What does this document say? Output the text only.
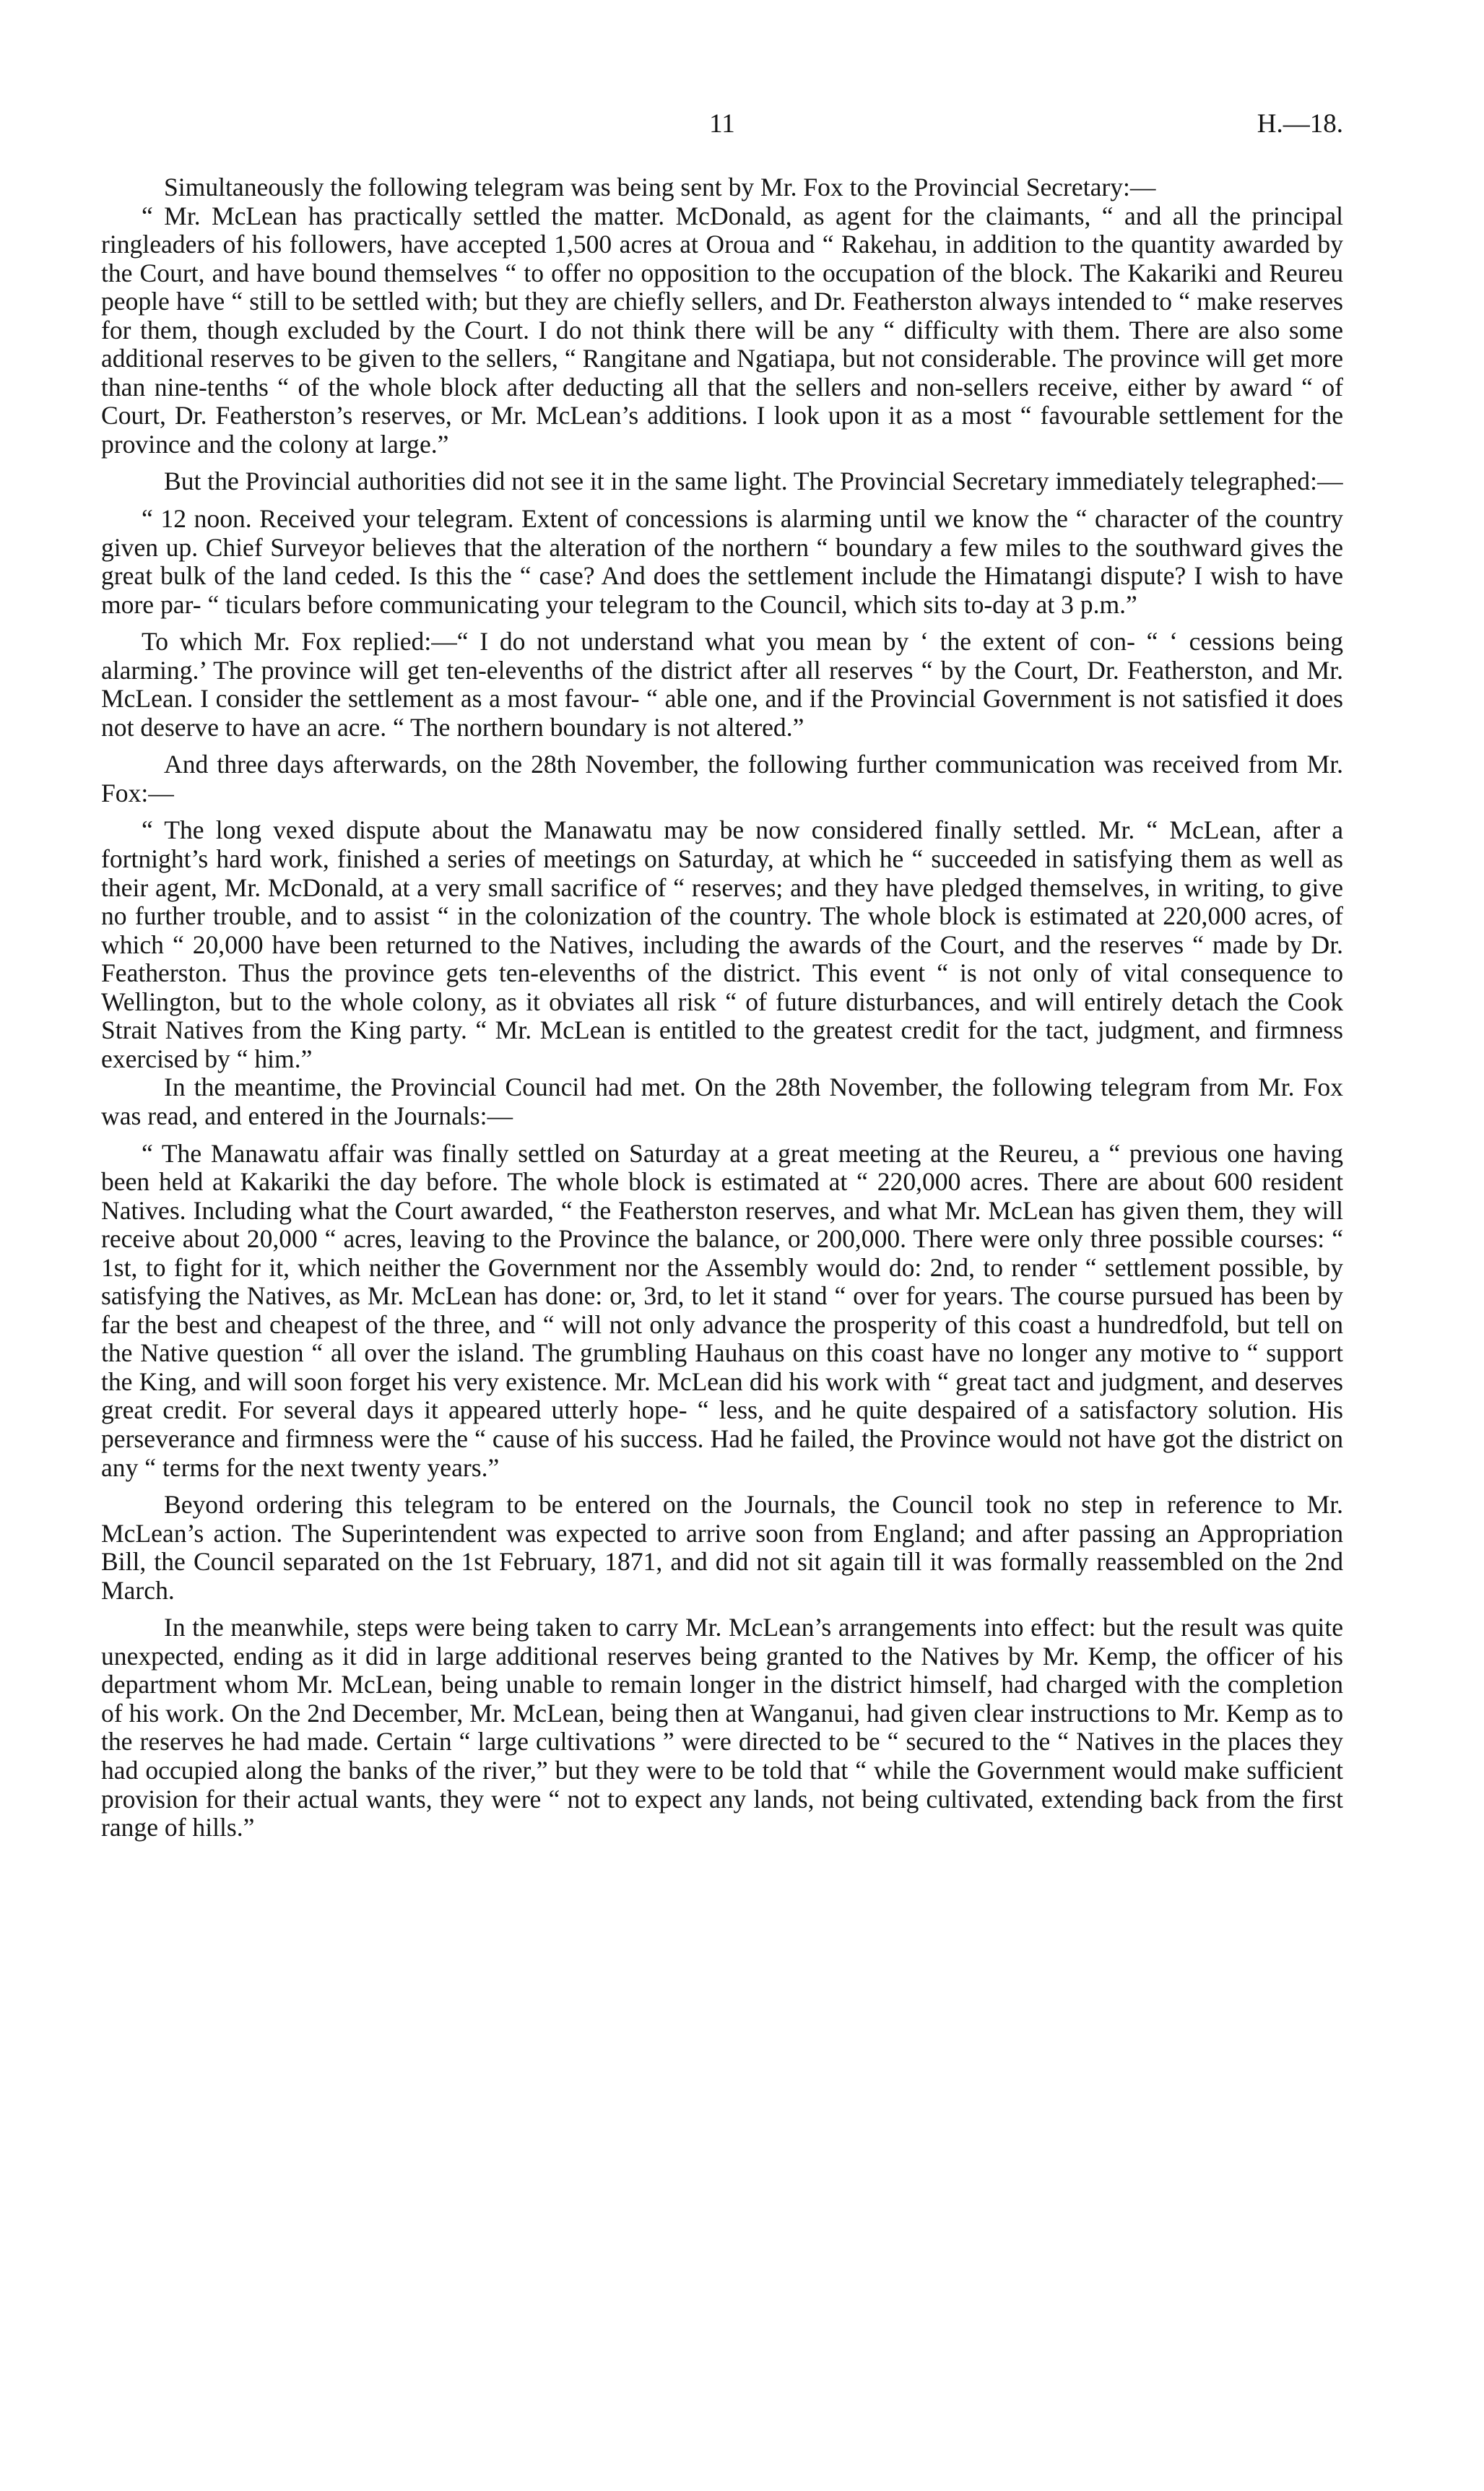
11	H.—18.

Simultaneously the following telegram was being sent by Mr. Fox to the Provincial Secretary:—

“ Mr. McLean has practically settled the matter. McDonald, as agent for the claimants, “ and all the principal ringleaders of his followers, have accepted 1,500 acres at Oroua and “ Rakehau, in addition to the quantity awarded by the Court, and have bound themselves “ to offer no opposition to the occupation of the block. The Kakariki and Reureu people have “ still to be settled with; but they are chiefly sellers, and Dr. Featherston always intended to “ make reserves for them, though excluded by the Court. I do not think there will be any “ difficulty with them. There are also some additional reserves to be given to the sellers, “ Rangitane and Ngatiapa, but not considerable. The province will get more than nine-tenths “ of the whole block after deducting all that the sellers and non-sellers receive, either by award “ of Court, Dr. Featherston’s reserves, or Mr. McLean’s additions. I look upon it as a most “ favourable settlement for the province and the colony at large.”

But the Provincial authorities did not see it in the same light. The Provincial Secretary immediately telegraphed:—

“ 12 noon. Received your telegram. Extent of concessions is alarming until we know the “ character of the country given up. Chief Surveyor believes that the alteration of the northern “ boundary a few miles to the southward gives the great bulk of the land ceded. Is this the “ case? And does the settlement include the Himatangi dispute? I wish to have more par- “ ticulars before communicating your telegram to the Council, which sits to-day at 3 p.m.”

To which Mr. Fox replied:—“ I do not understand what you mean by ‘ the extent of con- “ ‘ cessions being alarming.’ The province will get ten-elevenths of the district after all reserves “ by the Court, Dr. Featherston, and Mr. McLean. I consider the settlement as a most favour- “ able one, and if the Provincial Government is not satisfied it does not deserve to have an acre. “ The northern boundary is not altered.”

And three days afterwards, on the 28th November, the following further communication was received from Mr. Fox:—

“ The long vexed dispute about the Manawatu may be now considered finally settled. Mr. “ McLean, after a fortnight’s hard work, finished a series of meetings on Saturday, at which he “ succeeded in satisfying them as well as their agent, Mr. McDonald, at a very small sacrifice of “ reserves; and they have pledged themselves, in writing, to give no further trouble, and to assist “ in the colonization of the country. The whole block is estimated at 220,000 acres, of which “ 20,000 have been returned to the Natives, including the awards of the Court, and the reserves “ made by Dr. Featherston. Thus the province gets ten-elevenths of the district. This event “ is not only of vital consequence to Wellington, but to the whole colony, as it obviates all risk “ of future disturbances, and will entirely detach the Cook Strait Natives from the King party. “ Mr. McLean is entitled to the greatest credit for the tact, judgment, and firmness exercised by “ him.”

In the meantime, the Provincial Council had met. On the 28th November, the following telegram from Mr. Fox was read, and entered in the Journals:—

“ The Manawatu affair was finally settled on Saturday at a great meeting at the Reureu, a “ previous one having been held at Kakariki the day before. The whole block is estimated at “ 220,000 acres. There are about 600 resident Natives. Including what the Court awarded, “ the Featherston reserves, and what Mr. McLean has given them, they will receive about 20,000 “ acres, leaving to the Province the balance, or 200,000. There were only three possible courses: “ 1st, to fight for it, which neither the Government nor the Assembly would do: 2nd, to render “ settlement possible, by satisfying the Natives, as Mr. McLean has done: or, 3rd, to let it stand “ over for years. The course pursued has been by far the best and cheapest of the three, and “ will not only advance the prosperity of this coast a hundredfold, but tell on the Native question “ all over the island. The grumbling Hauhaus on this coast have no longer any motive to “ support the King, and will soon forget his very existence. Mr. McLean did his work with “ great tact and judgment, and deserves great credit. For several days it appeared utterly hope- “ less, and he quite despaired of a satisfactory solution. His perseverance and firmness were the “ cause of his success. Had he failed, the Province would not have got the district on any “ terms for the next twenty years.”

Beyond ordering this telegram to be entered on the Journals, the Council took no step in reference to Mr. McLean’s action. The Superintendent was expected to arrive soon from England; and after passing an Appropriation Bill, the Council separated on the 1st February, 1871, and did not sit again till it was formally reassembled on the 2nd March.

In the meanwhile, steps were being taken to carry Mr. McLean’s arrangements into effect: but the result was quite unexpected, ending as it did in large additional reserves being granted to the Natives by Mr. Kemp, the officer of his department whom Mr. McLean, being unable to remain longer in the district himself, had charged with the completion of his work. On the 2nd December, Mr. McLean, being then at Wanganui, had given clear instructions to Mr. Kemp as to the reserves he had made. Certain “ large cultivations ” were directed to be “ secured to the “ Natives in the places they had occupied along the banks of the river,” but they were to be told that “ while the Government would make sufficient provision for their actual wants, they were “ not to expect any lands, not being cultivated, extending back from the first range of hills.”
